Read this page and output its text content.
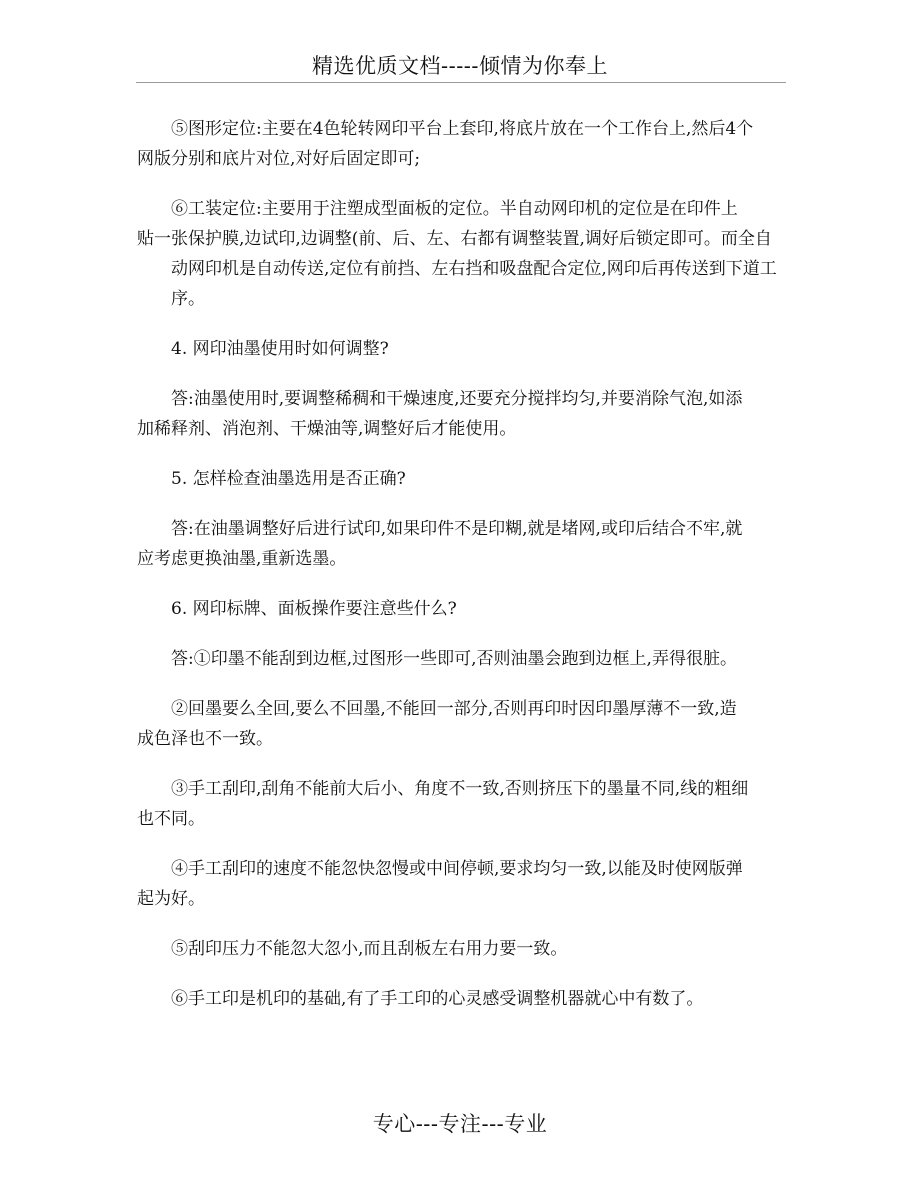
精选优质文档-----倾情为你奉上

⑤图形定位:主要在4色轮转网印平台上套印,将底片放在一个工作台上,然后4个
网版分别和底片对位,对好后固定即可;

⑥工装定位:主要用于注塑成型面板的定位。半自动网印机的定位是在印件上
贴一张保护膜,边试印,边调整(前、后、左、右都有调整装置,调好后锁定即可。而全自动网印机是自动传送,定位有前挡、左右挡和吸盘配合定位,网印后再传送到下道工序。

4. 网印油墨使用时如何调整?

答:油墨使用时,要调整稀稠和干燥速度,还要充分搅拌均匀,并要消除气泡,如添
加稀释剂、消泡剂、干燥油等,调整好后才能使用。

5. 怎样检查油墨选用是否正确?

答:在油墨调整好后进行试印,如果印件不是印糊,就是堵网,或印后结合不牢,就
应考虑更换油墨,重新选墨。

6. 网印标牌、面板操作要注意些什么?

答:①印墨不能刮到边框,过图形一些即可,否则油墨会跑到边框上,弄得很脏。

②回墨要么全回,要么不回墨,不能回一部分,否则再印时因印墨厚薄不一致,造
成色泽也不一致。

③手工刮印,刮角不能前大后小、角度不一致,否则挤压下的墨量不同,线的粗细
也不同。

④手工刮印的速度不能忽快忽慢或中间停顿,要求均匀一致,以能及时使网版弹
起为好。

⑤刮印压力不能忽大忽小,而且刮板左右用力要一致。

⑥手工印是机印的基础,有了手工印的心灵感受调整机器就心中有数了。

专心---专注---专业
